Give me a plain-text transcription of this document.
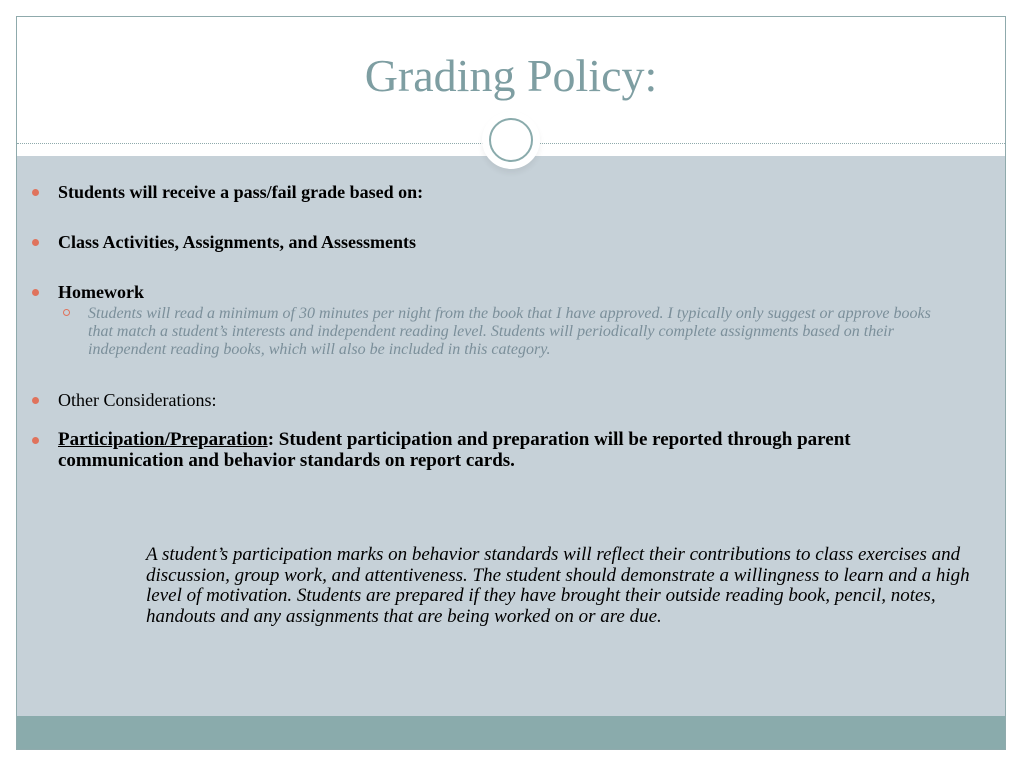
Grading Policy:
Students will receive a pass/fail grade based on:
Class Activities, Assignments, and Assessments
Homework
Students will read a minimum of 30 minutes per night from the book that I have approved. I typically only suggest or approve books that match a student’s interests and independent reading level. Students will periodically complete assignments based on their independent reading books, which will also be included in this category.
Other Considerations:
Participation/Preparation: Student participation and preparation will be reported through parent communication and behavior standards on report cards.
A student’s participation marks on behavior standards will reflect their contributions to class exercises and discussion, group work, and attentiveness. The student should demonstrate a willingness to learn and a high level of motivation. Students are prepared if they have brought their outside reading book, pencil, notes, handouts and any assignments that are being worked on or are due.
